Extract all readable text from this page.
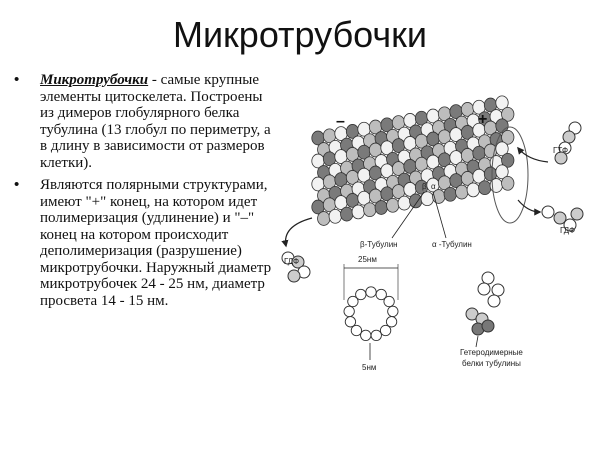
Микротрубочки
• Микротрубочки - самые крупные элементы цитоскелета. Построены из димеров глобулярного белка тубулина (13 глобул по периметру, а в длину в зависимости от размеров клетки).
• Являются полярными структурами, имеют "+" конец, на котором идет полимеризация (удлинение) и "–" конец на котором происходит деполимеризация (разрушение) микротрубочки. Наружный диаметр микротрубочек 24 - 25 нм, диаметр просвета 14 - 15 нм.
–	+
ГТФ
ГДФ
ГДФ
β α
β-Тубулин	α -Тубулин
25нм
5нм
Гетеродимерные
белки тубулины
